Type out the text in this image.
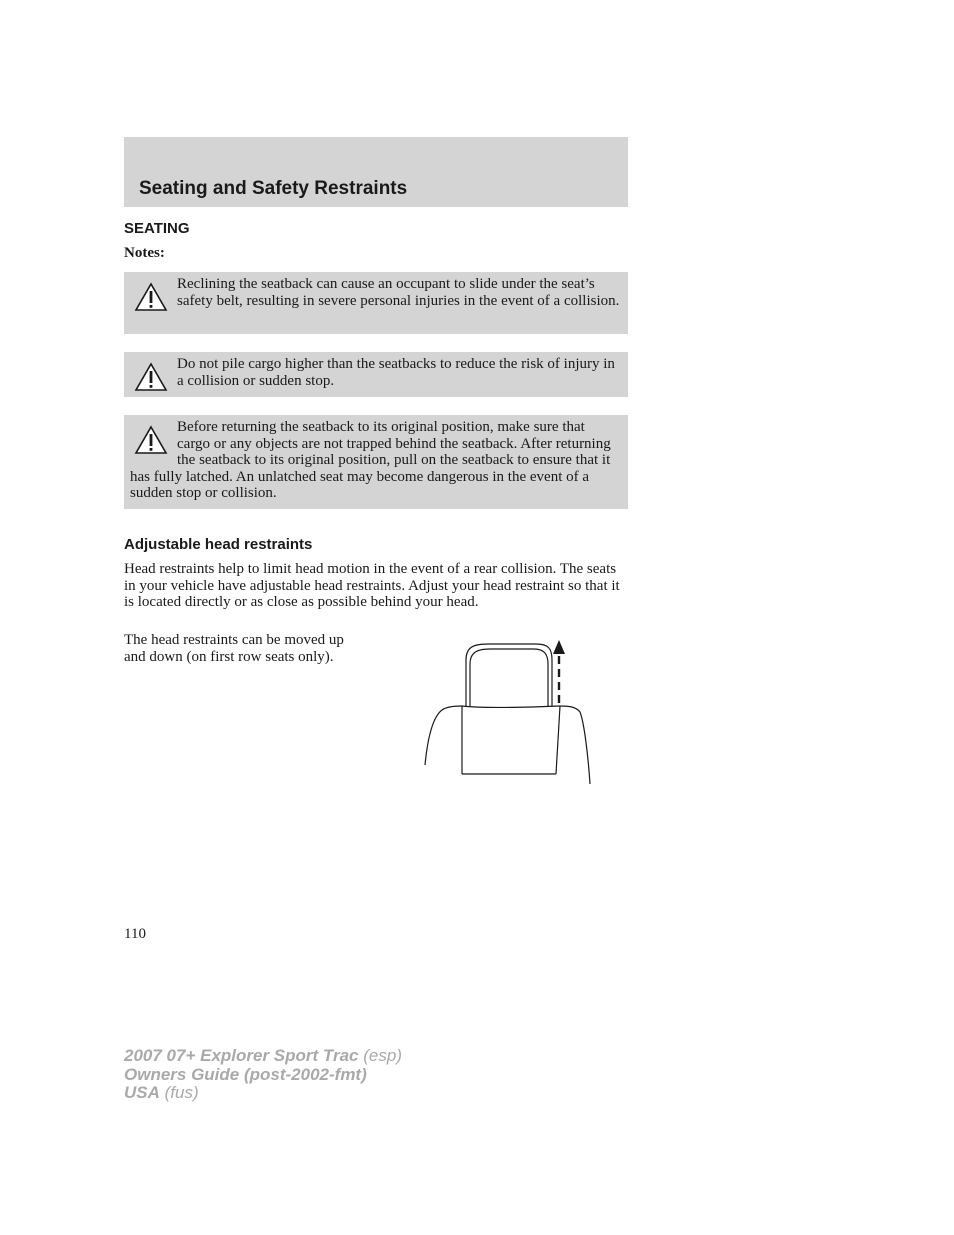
Seating and Safety Restraints
SEATING
Notes:
Reclining the seatback can cause an occupant to slide under the seat’s safety belt, resulting in severe personal injuries in the event of a collision.
Do not pile cargo higher than the seatbacks to reduce the risk of injury in a collision or sudden stop.
Before returning the seatback to its original position, make sure that cargo or any objects are not trapped behind the seatback. After returning the seatback to its original position, pull on the seatback to ensure that it has fully latched. An unlatched seat may become dangerous in the event of a sudden stop or collision.
Adjustable head restraints
Head restraints help to limit head motion in the event of a rear collision. The seats in your vehicle have adjustable head restraints. Adjust your head restraint so that it is located directly or as close as possible behind your head.
The head restraints can be moved up and down (on first row seats only).
110
2007 07+ Explorer Sport Trac (esp)
Owners Guide (post-2002-fmt)
USA (fus)
